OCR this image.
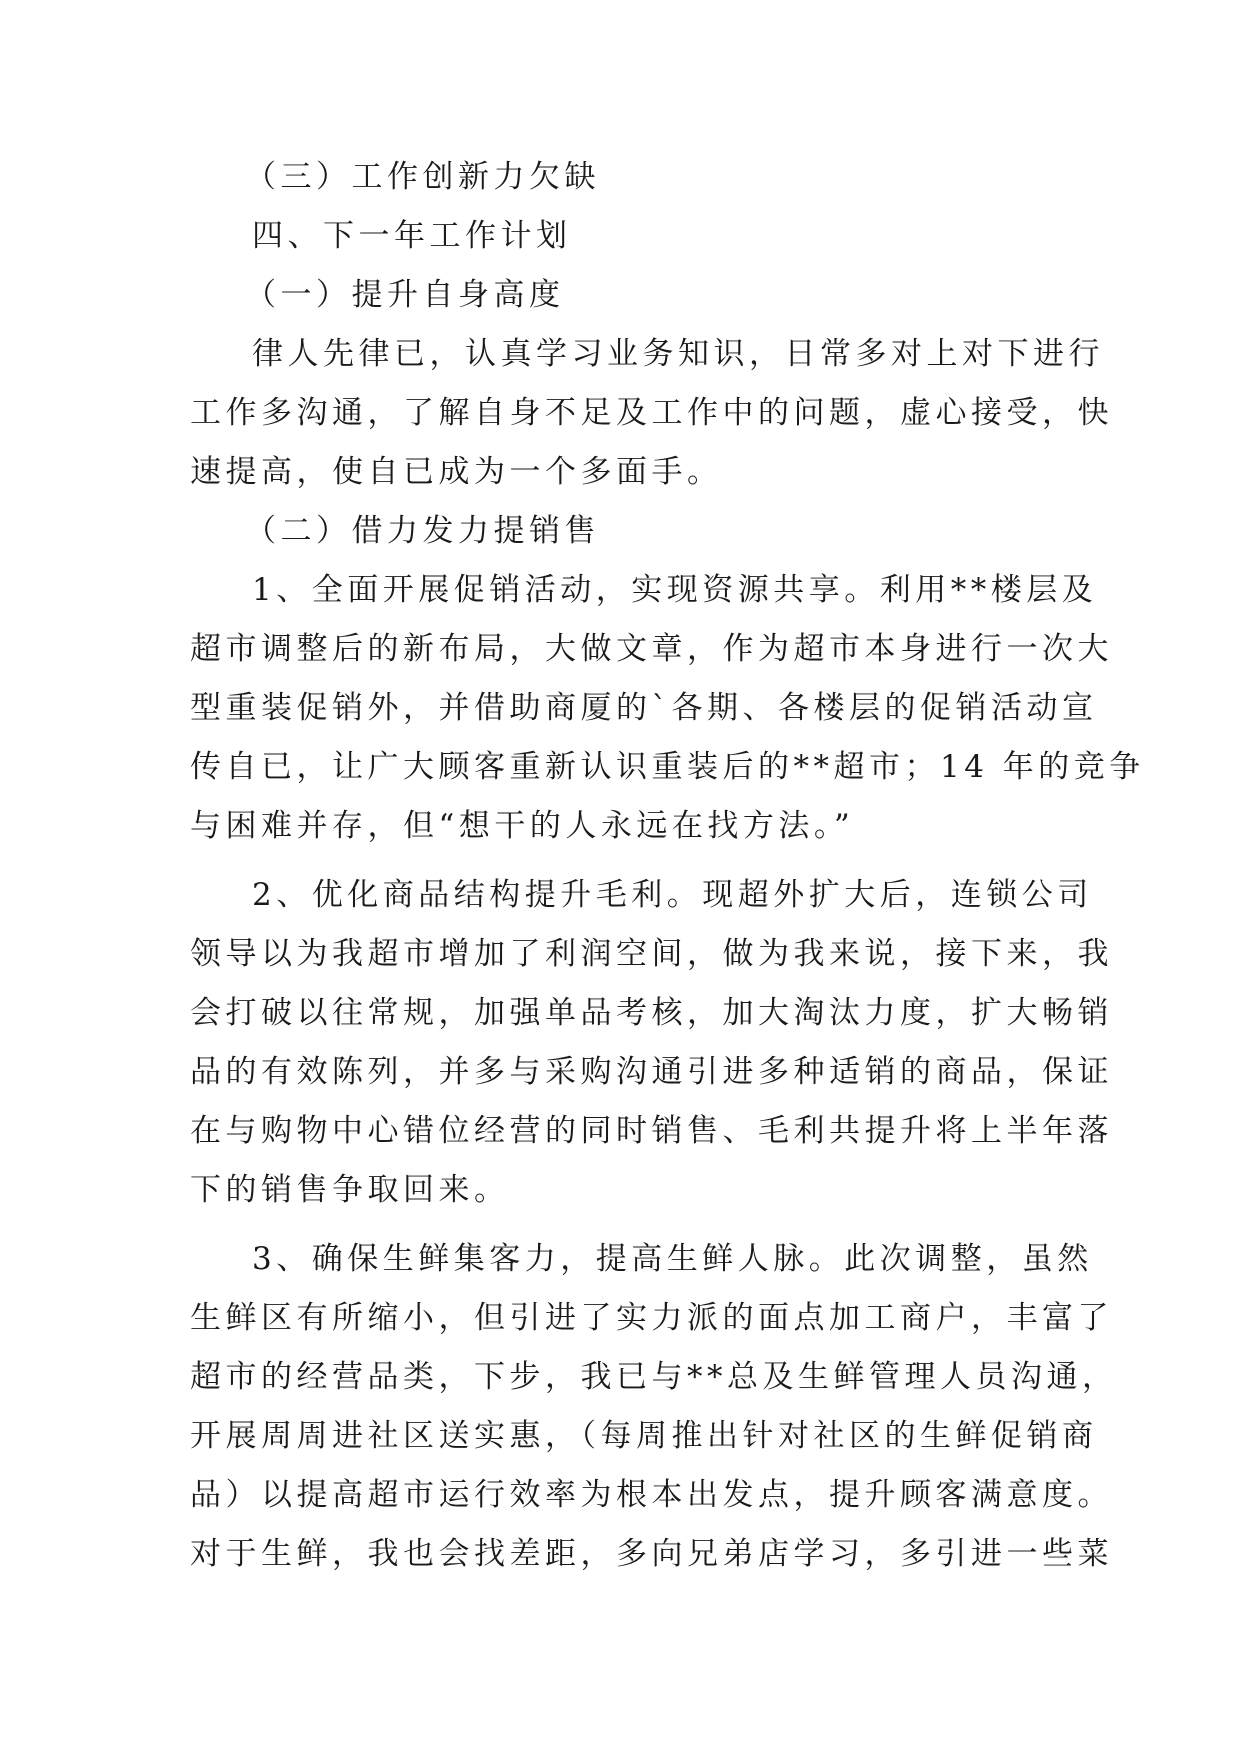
（三）工作创新力欠缺
四、下一年工作计划
（一）提升自身高度
律人先律已，认真学习业务知识，日常多对上对下进行
工作多沟通，了解自身不足及工作中的问题，虚心接受，快
速提高，使自已成为一个多面手。
（二）借力发力提销售
1、全面开展促销活动，实现资源共享。利用**楼层及
超市调整后的新布局，大做文章，作为超市本身进行一次大
型重装促销外，并借助商厦的`各期、各楼层的促销活动宣
传自已，让广大顾客重新认识重装后的**超市；14 年的竞争
与困难并存，但“想干的人永远在找方法。”
2、优化商品结构提升毛利。现超外扩大后，连锁公司
领导以为我超市增加了利润空间，做为我来说，接下来，我
会打破以往常规，加强单品考核，加大淘汰力度，扩大畅销
品的有效陈列，并多与采购沟通引进多种适销的商品，保证
在与购物中心错位经营的同时销售、毛利共提升将上半年落
下的销售争取回来。
3、确保生鲜集客力，提高生鲜人脉。此次调整，虽然
生鲜区有所缩小，但引进了实力派的面点加工商户，丰富了
超市的经营品类，下步，我已与**总及生鲜管理人员沟通，
开展周周进社区送实惠，（每周推出针对社区的生鲜促销商
品）以提高超市运行效率为根本出发点，提升顾客满意度。
对于生鲜，我也会找差距，多向兄弟店学习，多引进一些菜
